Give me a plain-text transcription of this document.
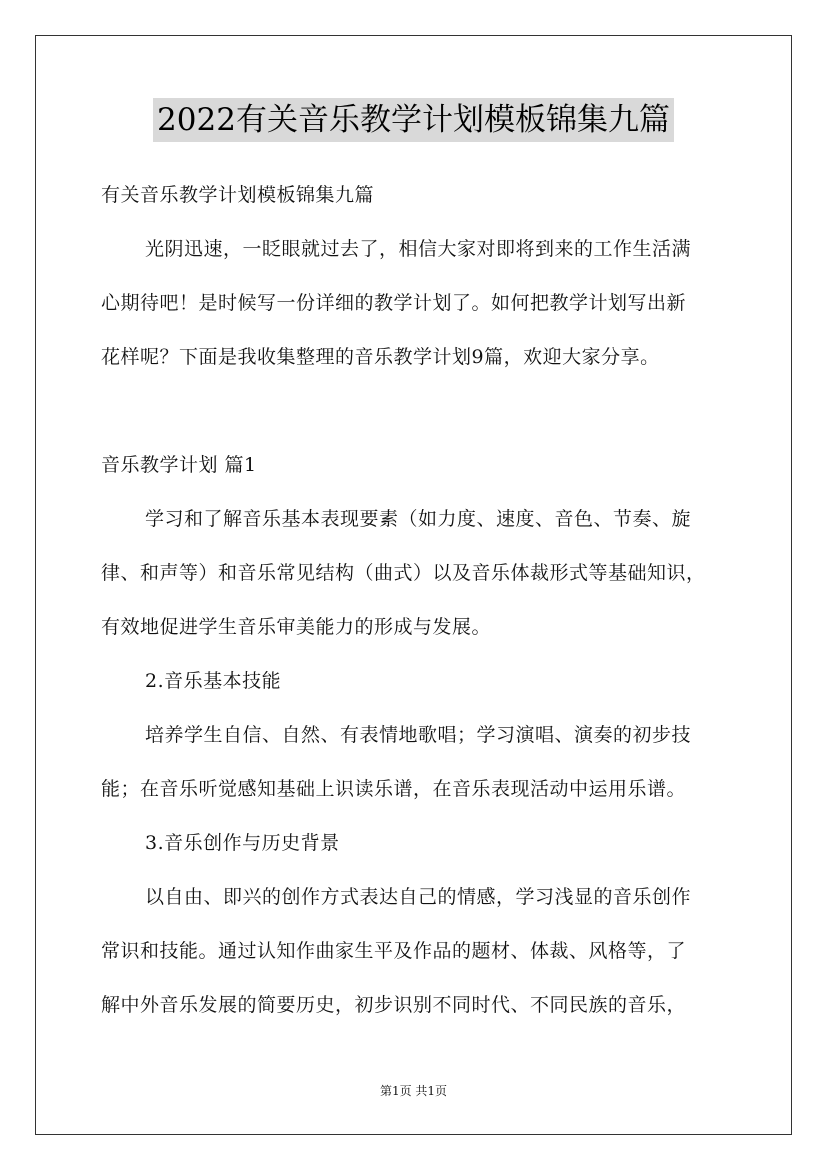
2022有关音乐教学计划模板锦集九篇
有关音乐教学计划模板锦集九篇
光阴迅速，一眨眼就过去了，相信大家对即将到来的工作生活满
心期待吧！是时候写一份详细的教学计划了。如何把教学计划写出新
花样呢？下面是我收集整理的音乐教学计划9篇，欢迎大家分享。
音乐教学计划 篇1
学习和了解音乐基本表现要素（如力度、速度、音色、节奏、旋
律、和声等）和音乐常见结构（曲式）以及音乐体裁形式等基础知识，
有效地促进学生音乐审美能力的形成与发展。
2.音乐基本技能
培养学生自信、自然、有表情地歌唱；学习演唱、演奏的初步技
能；在音乐听觉感知基础上识读乐谱，在音乐表现活动中运用乐谱。
3.音乐创作与历史背景
以自由、即兴的创作方式表达自己的情感，学习浅显的音乐创作
常识和技能。通过认知作曲家生平及作品的题材、体裁、风格等，了
解中外音乐发展的简要历史，初步识别不同时代、不同民族的音乐，
第1页 共1页
